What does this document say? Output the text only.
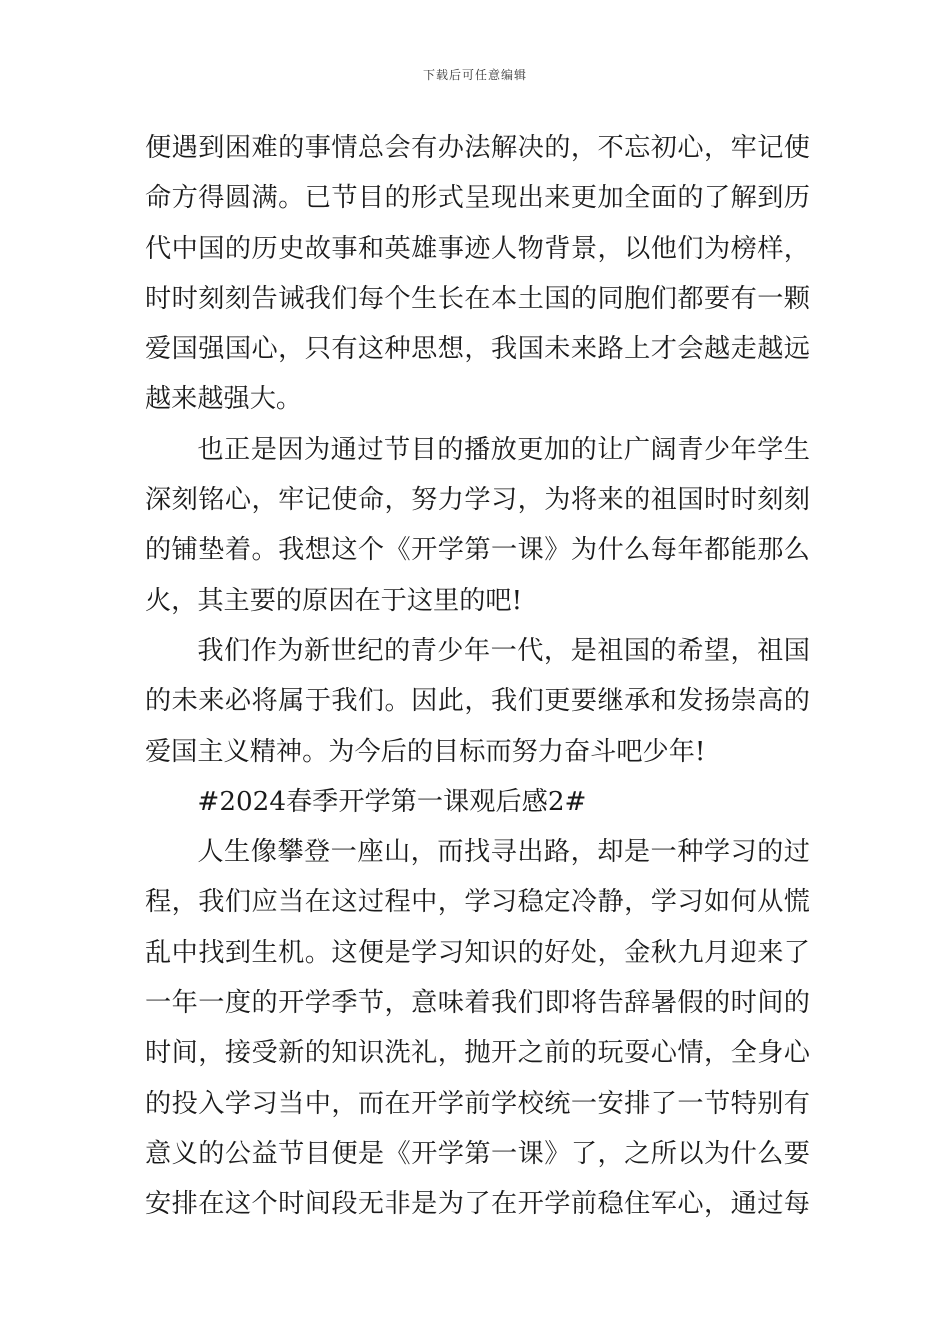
下载后可任意编辑
便遇到困难的事情总会有办法解决的，不忘初心，牢记使
命方得圆满。已节目的形式呈现出来更加全面的了解到历
代中国的历史故事和英雄事迹人物背景，以他们为榜样，
时时刻刻告诫我们每个生长在本土国的同胞们都要有一颗
爱国强国心，只有这种思想，我国未来路上才会越走越远
越来越强大。
也正是因为通过节目的播放更加的让广阔青少年学生
深刻铭心，牢记使命，努力学习，为将来的祖国时时刻刻
的铺垫着。我想这个《开学第一课》为什么每年都能那么
火，其主要的原因在于这里的吧!
我们作为新世纪的青少年一代，是祖国的希望，祖国
的未来必将属于我们。因此，我们更要继承和发扬崇高的
爱国主义精神。为今后的目标而努力奋斗吧少年!
#2024春季开学第一课观后感2#
人生像攀登一座山，而找寻出路，却是一种学习的过
程，我们应当在这过程中，学习稳定冷静，学习如何从慌
乱中找到生机。这便是学习知识的好处，金秋九月迎来了
一年一度的开学季节，意味着我们即将告辞暑假的时间的
时间，接受新的知识洗礼，抛开之前的玩耍心情，全身心
的投入学习当中，而在开学前学校统一安排了一节特别有
意义的公益节目便是《开学第一课》了，之所以为什么要
安排在这个时间段无非是为了在开学前稳住军心，通过每
